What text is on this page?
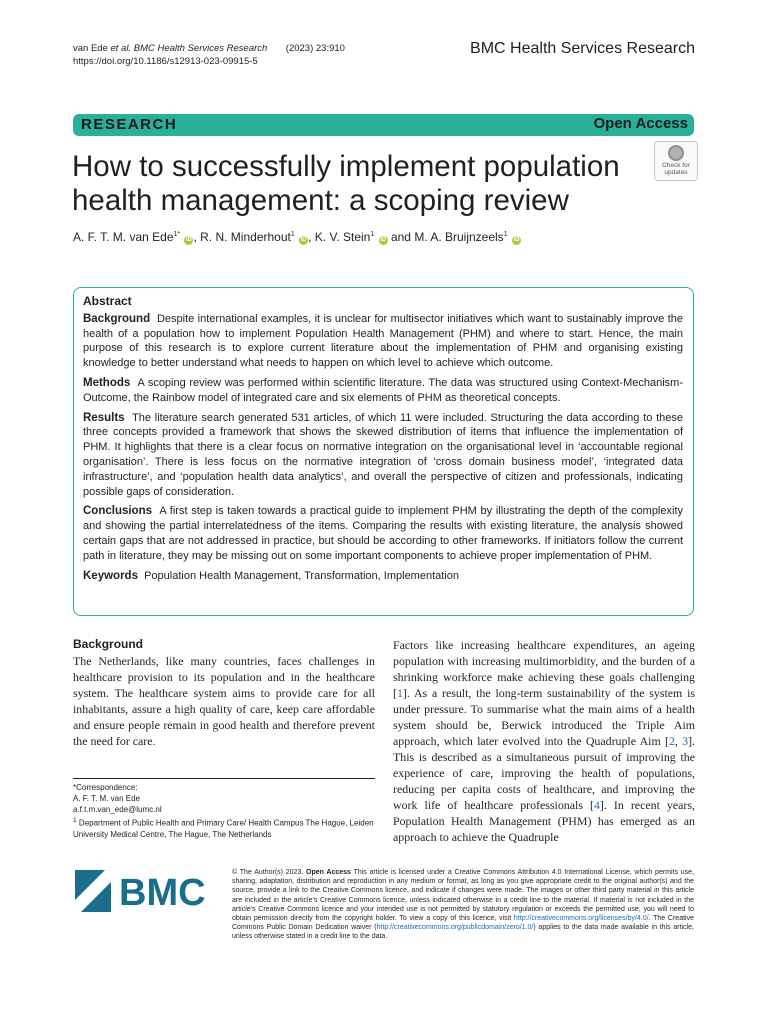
van Ede et al. BMC Health Services Research (2023) 23:910
https://doi.org/10.1186/s12913-023-09915-5
BMC Health Services Research
RESEARCH	Open Access
How to successfully implement population health management: a scoping review
Check for
updates
A. F. T. M. van Ede$^{1*}$ iD , R. N. Minderhout$^1$ iD , K. V. Stein$^1$ iD and M. A. Bruijnzeels$^1$ iD
Abstract

Background Despite international examples, it is unclear for multisector initiatives which want to sustainably improve the health of a population how to implement Population Health Management (PHM) and where to start. Hence, the main purpose of this research is to explore current literature about the implementation of PHM and organising existing knowledge to better understand what needs to happen on which level to achieve which outcome.

Methods A scoping review was performed within scientific literature. The data was structured using Context-Mechanism-Outcome, the Rainbow model of integrated care and six elements of PHM as theoretical concepts.

Results The literature search generated 531 articles, of which 11 were included. Structuring the data according to these three concepts provided a framework that shows the skewed distribution of items that influence the implementation of PHM. It highlights that there is a clear focus on normative integration on the organisational level in ‘accountable regional organisation’. There is less focus on the normative integration of ‘cross domain business model’, ‘integrated data infrastructure’, and ‘population health data analytics’, and overall the perspective of citizen and professionals, indicating possible gaps of consideration.

Conclusions A first step is taken towards a practical guide to implement PHM by illustrating the depth of the complexity and showing the partial interrelatedness of the items. Comparing the results with existing literature, the analysis showed certain gaps that are not addressed in practice, but should be according to other frameworks. If initiators follow the current path in literature, they may be missing out on some important components to achieve proper implementation of PHM.

Keywords Population Health Management, Transformation, Implementation

Background

The Netherlands, like many countries, faces challenges in healthcare provision to its population and in the healthcare system. The healthcare system aims to provide care for all inhabitants, assure a high quality of care, keep care affordable and ensure people remain in good health and therefore prevent the need for care.

Factors like increasing healthcare expenditures, an ageing population with increasing multimorbidity, and the burden of a shrinking workforce make achieving these goals challenging [1]. As a result, the long-term sustainability of the system is under pressure. To summarise what the main aims of a health system should be, Berwick introduced the Triple Aim approach, which later evolved into the Quadruple Aim [2, 3]. This is described as a simultaneous pursuit of improving the experience of care, improving the health of populations, reducing per capita costs of healthcare, and improving the work life of healthcare professionals [4]. In recent years, Population Health Management (PHM) has emerged as an approach to achieve the Quadruple

*Correspondence:

A. F. T. M. van Ede

a.f.t.m.van_ede@lumc.nl

$^1$ Department of Public Health and Primary Care/ Health Campus The Hague, Leiden University Medical Centre, The Hague, The Netherlands

BMC	© The Author(s) 2023. Open Access This article is licensed under a Creative Commons Attribution 4.0 International License, which permits use, sharing, adaptation, distribution and reproduction in any medium or format, as long as you give appropriate credit to the original author(s) and the source, provide a link to the Creative Commons licence, and indicate if changes were made. The images or other third party material in this article are included in the article’s Creative Commons licence, unless indicated otherwise in a credit line to the material. If material is not included in the article’s Creative Commons licence and your intended use is not permitted by statutory regulation or exceeds the permitted use, you will need to obtain permission directly from the copyright holder. To view a copy of this licence, visit http://creativecommons.org/licenses/by/4.0/. The Creative Commons Public Domain Dedication waiver (http://creativecommons.org/publicdomain/zero/1.0/) applies to the data made available in this article, unless otherwise stated in a credit line to the data.
